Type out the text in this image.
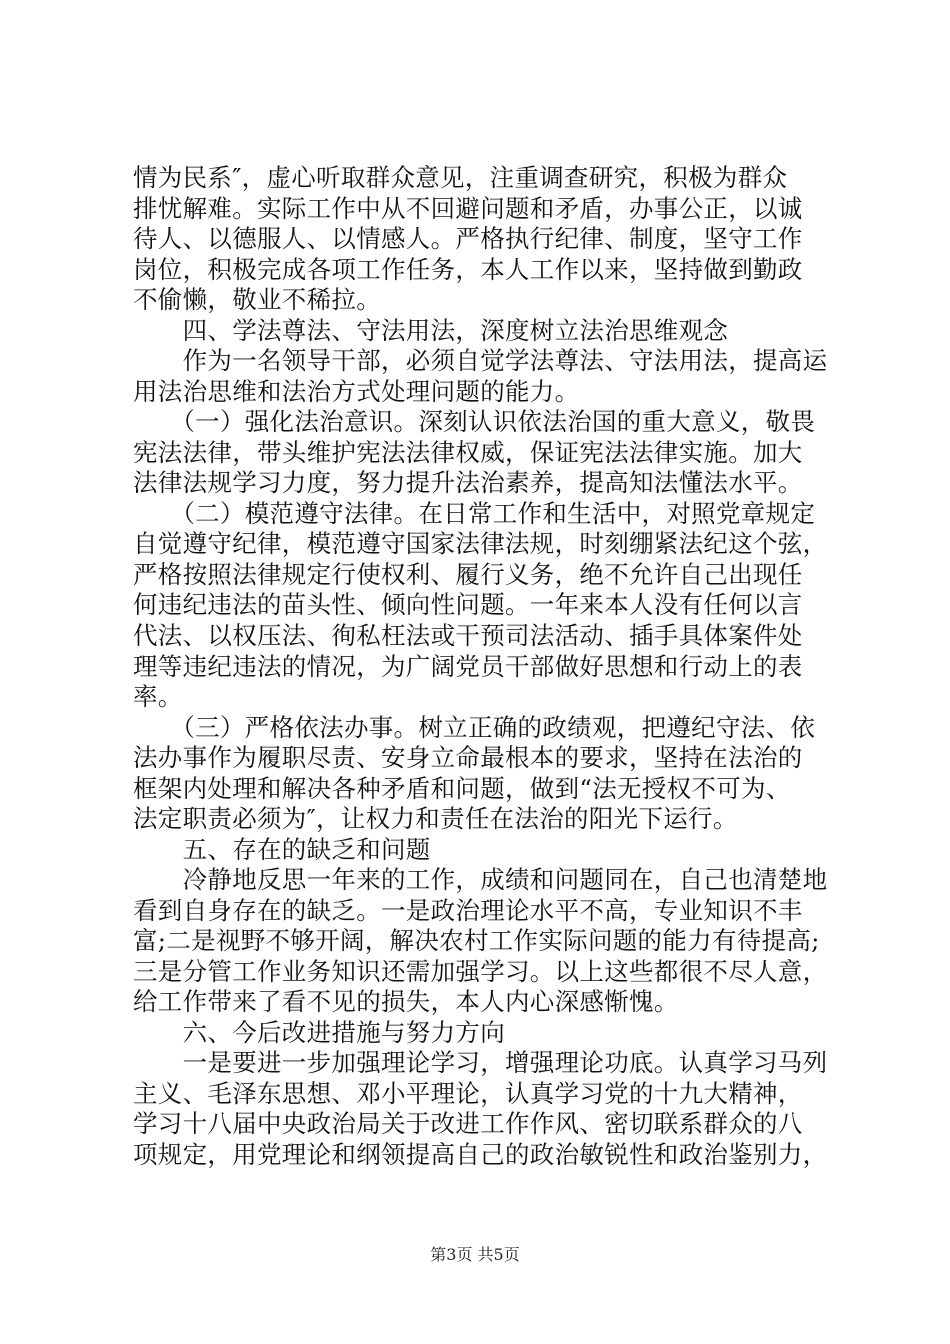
情为民系″，虚心听取群众意见，注重调查研究，积极为群众
排忧解难。实际工作中从不回避问题和矛盾，办事公正，以诚
待人、以德服人、以情感人。严格执行纪律、制度，坚守工作
岗位，积极完成各项工作任务，本人工作以来，坚持做到勤政
不偷懒，敬业不稀拉。
　　四、学法尊法、守法用法，深度树立法治思维观念
　　作为一名领导干部，必须自觉学法尊法、守法用法，提高运
用法治思维和法治方式处理问题的能力。
　　（一）强化法治意识。深刻认识依法治国的重大意义，敬畏
宪法法律，带头维护宪法法律权威，保证宪法法律实施。加大
法律法规学习力度，努力提升法治素养，提高知法懂法水平。
　　（二）模范遵守法律。在日常工作和生活中，对照党章规定
自觉遵守纪律，模范遵守国家法律法规，时刻绷紧法纪这个弦，
严格按照法律规定行使权利、履行义务，绝不允许自己出现任
何违纪违法的苗头性、倾向性问题。一年来本人没有任何以言
代法、以权压法、徇私枉法或干预司法活动、插手具体案件处
理等违纪违法的情况，为广阔党员干部做好思想和行动上的表
率。
　　（三）严格依法办事。树立正确的政绩观，把遵纪守法、依
法办事作为履职尽责、安身立命最根本的要求，坚持在法治的
框架内处理和解决各种矛盾和问题，做到“法无授权不可为、
法定职责必须为″，让权力和责任在法治的阳光下运行。
　　五、存在的缺乏和问题
　　冷静地反思一年来的工作，成绩和问题同在，自己也清楚地
看到自身存在的缺乏。一是政治理论水平不高，专业知识不丰
富;二是视野不够开阔，解决农村工作实际问题的能力有待提高;
三是分管工作业务知识还需加强学习。以上这些都很不尽人意，
给工作带来了看不见的损失，本人内心深感惭愧。
　　六、今后改进措施与努力方向
第3页 共5页
　　一是要进一步加强理论学习，增强理论功底。认真学习马列
主义、毛泽东思想、邓小平理论，认真学习党的十九大精神，
学习十八届中央政治局关于改进工作作风、密切联系群众的八
项规定，用党理论和纲领提高自己的政治敏锐性和政治鉴别力，
